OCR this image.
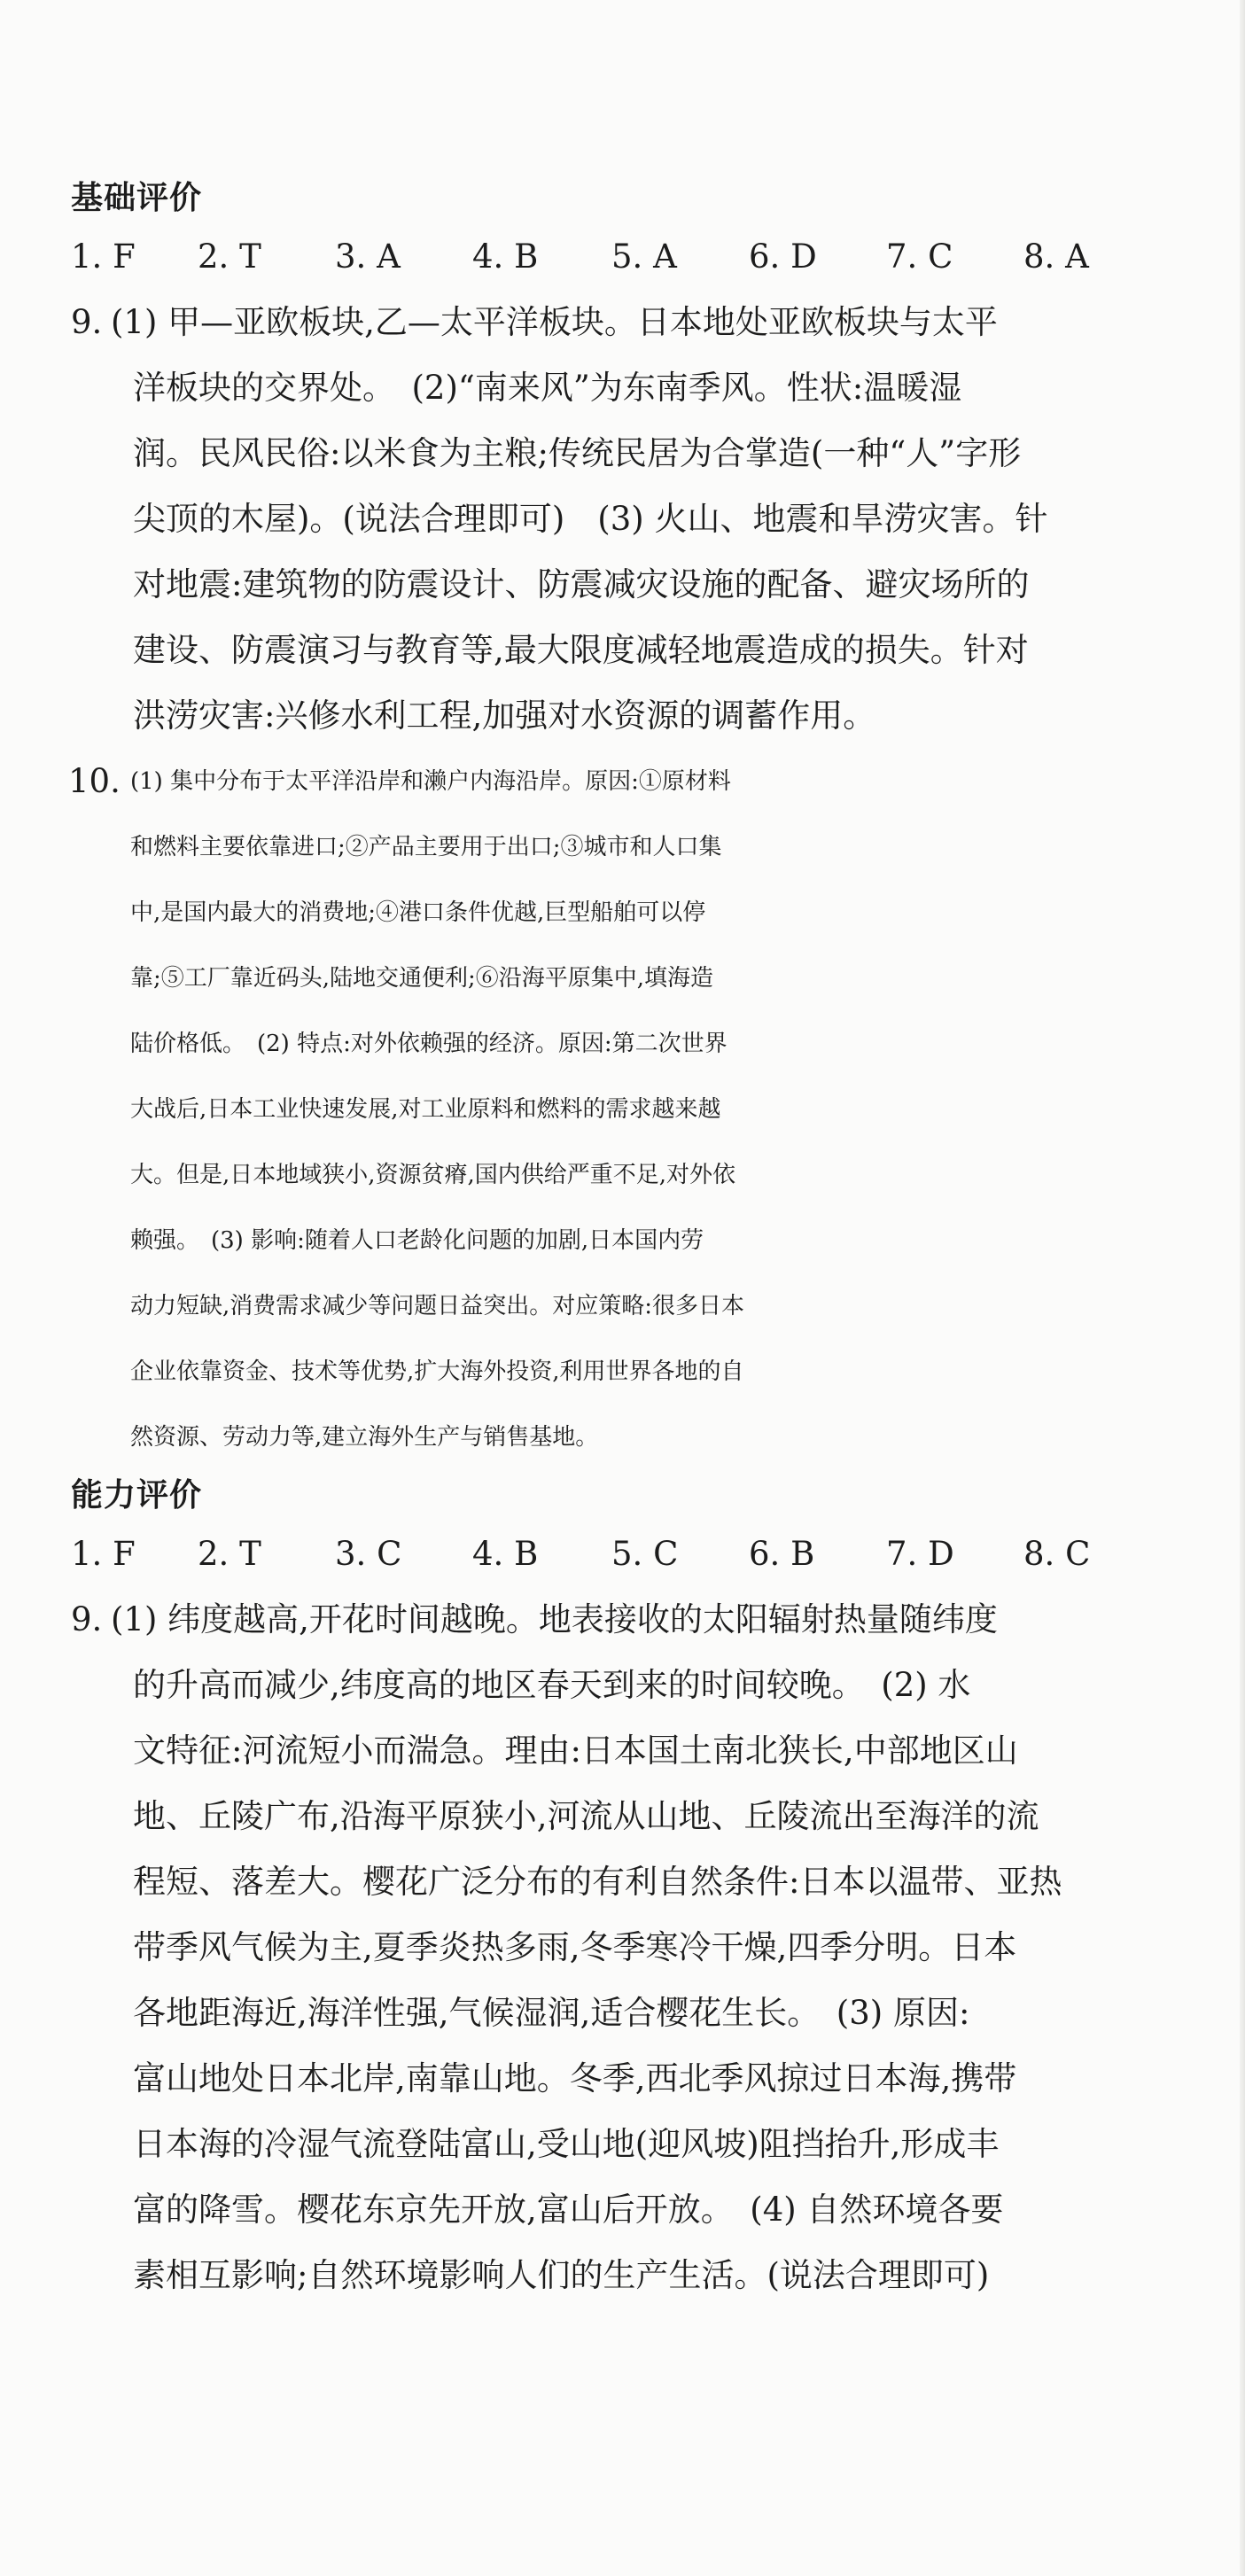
基础评价
1. F 2. T 3. A 4. B 5. A 6. D 7. C 8. A
9. (1) 甲—亚欧板块,乙—太平洋板块。日本地处亚欧板块与太平
洋板块的交界处。　(2)“南来风”为东南季风。性状:温暖湿
润。民风民俗:以米食为主粮;传统民居为合掌造(一种“人”字形
尖顶的木屋)。(说法合理即可)　(3) 火山、地震和旱涝灾害。针
对地震:建筑物的防震设计、防震减灾设施的配备、避灾场所的
建设、防震演习与教育等,最大限度减轻地震造成的损失。针对
洪涝灾害:兴修水利工程,加强对水资源的调蓄作用。
10. (1) 集中分布于太平洋沿岸和濑户内海沿岸。原因:①原材料
和燃料主要依靠进口;②产品主要用于出口;③城市和人口集
中,是国内最大的消费地;④港口条件优越,巨型船舶可以停
靠;⑤工厂靠近码头,陆地交通便利;⑥沿海平原集中,填海造
陆价格低。　(2) 特点:对外依赖强的经济。原因:第二次世界
大战后,日本工业快速发展,对工业原料和燃料的需求越来越
大。但是,日本地域狭小,资源贫瘠,国内供给严重不足,对外依
赖强。　(3) 影响:随着人口老龄化问题的加剧,日本国内劳
动力短缺,消费需求减少等问题日益突出。对应策略:很多日本
企业依靠资金、技术等优势,扩大海外投资,利用世界各地的自
然资源、劳动力等,建立海外生产与销售基地。
能力评价
1. F 2. T 3. C 4. B 5. C 6. B 7. D 8. C
9. (1) 纬度越高,开花时间越晚。地表接收的太阳辐射热量随纬度
的升高而减少,纬度高的地区春天到来的时间较晚。　(2) 水
文特征:河流短小而湍急。理由:日本国土南北狭长,中部地区山
地、丘陵广布,沿海平原狭小,河流从山地、丘陵流出至海洋的流
程短、落差大。樱花广泛分布的有利自然条件:日本以温带、亚热
带季风气候为主,夏季炎热多雨,冬季寒冷干燥,四季分明。日本
各地距海近,海洋性强,气候湿润,适合樱花生长。　(3) 原因:
富山地处日本北岸,南靠山地。冬季,西北季风掠过日本海,携带
日本海的冷湿气流登陆富山,受山地(迎风坡)阻挡抬升,形成丰
富的降雪。樱花东京先开放,富山后开放。　(4) 自然环境各要
素相互影响;自然环境影响人们的生产生活。(说法合理即可)
